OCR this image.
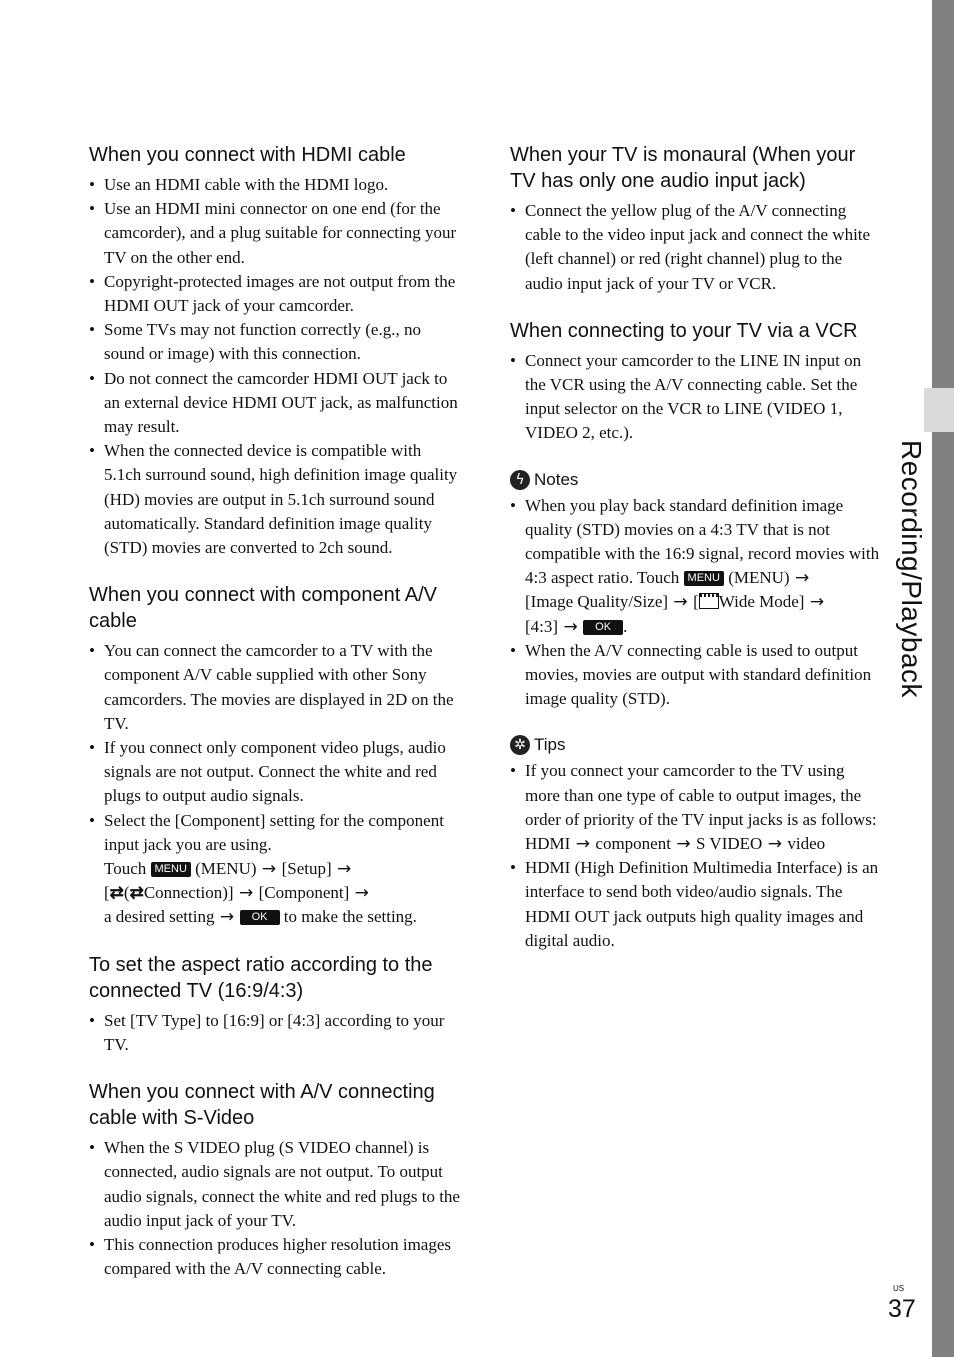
Recording/Playback
When you connect with HDMI cable
• Use an HDMI cable with the HDMI logo.
• Use an HDMI mini connector on one end (for the camcorder), and a plug suitable for connecting your TV on the other end.
• Copyright-protected images are not output from the HDMI OUT jack of your camcorder.
• Some TVs may not function correctly (e.g., no sound or image) with this connection.
• Do not connect the camcorder HDMI OUT jack to an external device HDMI OUT jack, as malfunction may result.
• When the connected device is compatible with 5.1ch surround sound, high definition image quality (HD) movies are output in 5.1ch surround sound automatically. Standard definition image quality (STD) movies are converted to 2ch sound.
When you connect with component A/V cable
• You can connect the camcorder to a TV with the component A/V cable supplied with other Sony camcorders. The movies are displayed in 2D on the TV.
• If you connect only component video plugs, audio signals are not output. Connect the white and red plugs to output audio signals.
• Select the [Component] setting for the component input jack you are using.
Touch MENU (MENU) → [Setup] →
[⇄(⇄Connection)] → [Component] →
a desired setting → OK to make the setting.
To set the aspect ratio according to the connected TV (16:9/4:3)
• Set [TV Type] to [16:9] or [4:3] according to your TV.
When you connect with A/V connecting cable with S-Video
• When the S VIDEO plug (S VIDEO channel) is connected, audio signals are not output. To output audio signals, connect the white and red plugs to the audio input jack of your TV.
• This connection produces higher resolution images compared with the A/V connecting cable.
When your TV is monaural (When your TV has only one audio input jack)
• Connect the yellow plug of the A/V connecting cable to the video input jack and connect the white (left channel) or red (right channel) plug to the audio input jack of your TV or VCR.
When connecting to your TV via a VCR
• Connect your camcorder to the LINE IN input on the VCR using the A/V connecting cable. Set the input selector on the VCR to LINE (VIDEO 1, VIDEO 2, etc.).
ϟ Notes
• When you play back standard definition image quality (STD) movies on a 4:3 TV that is not compatible with the 16:9 signal, record movies with 4:3 aspect ratio. Touch MENU (MENU) →
[Image Quality/Size] → [ Wide Mode] →
[4:3] → OK .
• When the A/V connecting cable is used to output movies, movies are output with standard definition image quality (STD).
✲ Tips
• If you connect your camcorder to the TV using more than one type of cable to output images, the order of priority of the TV input jacks is as follows:
HDMI → component → S VIDEO → video
• HDMI (High Definition Multimedia Interface) is an interface to send both video/audio signals. The HDMI OUT jack outputs high quality images and digital audio.
US
37
